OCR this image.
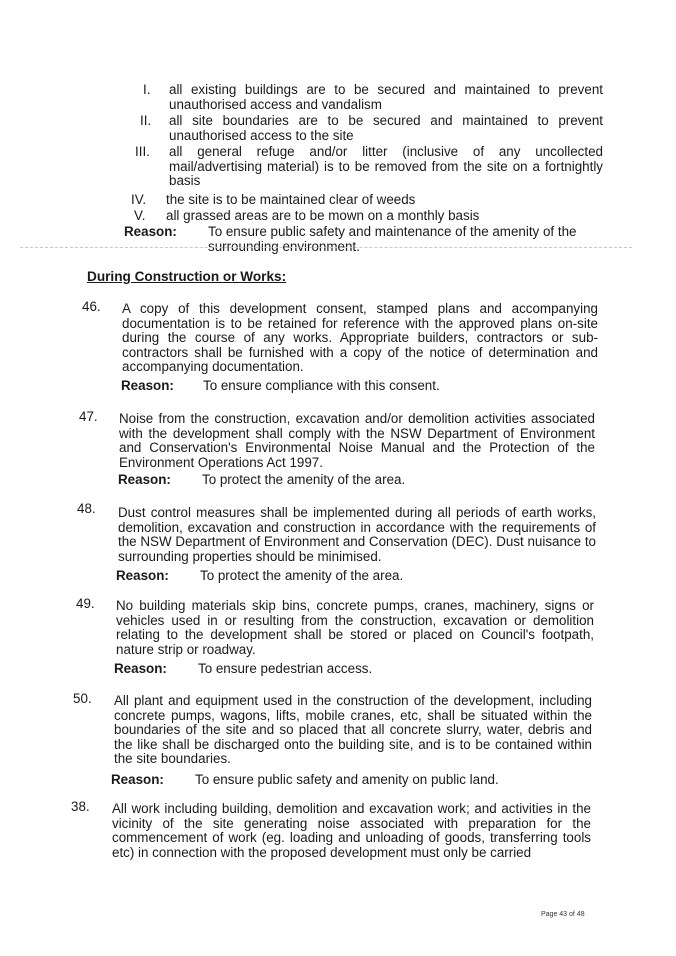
I.	all existing buildings are to be secured and maintained to prevent unauthorised access and vandalism
II.	all site boundaries are to be secured and maintained to prevent unauthorised access to the site
III.	all general refuge and/or litter (inclusive of any uncollected mail/advertising material) is to be removed from the site on a fortnightly basis
IV.	the site is to be maintained clear of weeds
V.	all grassed areas are to be mown on a monthly basis
Reason: To ensure public safety and maintenance of the amenity of the surrounding environment.
During Construction or Works:
46. A copy of this development consent, stamped plans and accompanying documentation is to be retained for reference with the approved plans on-site during the course of any works. Appropriate builders, contractors or sub-contractors shall be furnished with a copy of the notice of determination and accompanying documentation.
Reason: To ensure compliance with this consent.
47. Noise from the construction, excavation and/or demolition activities associated with the development shall comply with the NSW Department of Environment and Conservation's Environmental Noise Manual and the Protection of the Environment Operations Act 1997.
Reason: To protect the amenity of the area.
48. Dust control measures shall be implemented during all periods of earth works, demolition, excavation and construction in accordance with the requirements of the NSW Department of Environment and Conservation (DEC). Dust nuisance to surrounding properties should be minimised.
Reason: To protect the amenity of the area.
49. No building materials skip bins, concrete pumps, cranes, machinery, signs or vehicles used in or resulting from the construction, excavation or demolition relating to the development shall be stored or placed on Council's footpath, nature strip or roadway.
Reason: To ensure pedestrian access.
50. All plant and equipment used in the construction of the development, including concrete pumps, wagons, lifts, mobile cranes, etc, shall be situated within the boundaries of the site and so placed that all concrete slurry, water, debris and the like shall be discharged onto the building site, and is to be contained within the site boundaries.
Reason: To ensure public safety and amenity on public land.
38. All work including building, demolition and excavation work; and activities in the vicinity of the site generating noise associated with preparation for the commencement of work (eg. loading and unloading of goods, transferring tools etc) in connection with the proposed development must only be carried
Page 43 of 48
